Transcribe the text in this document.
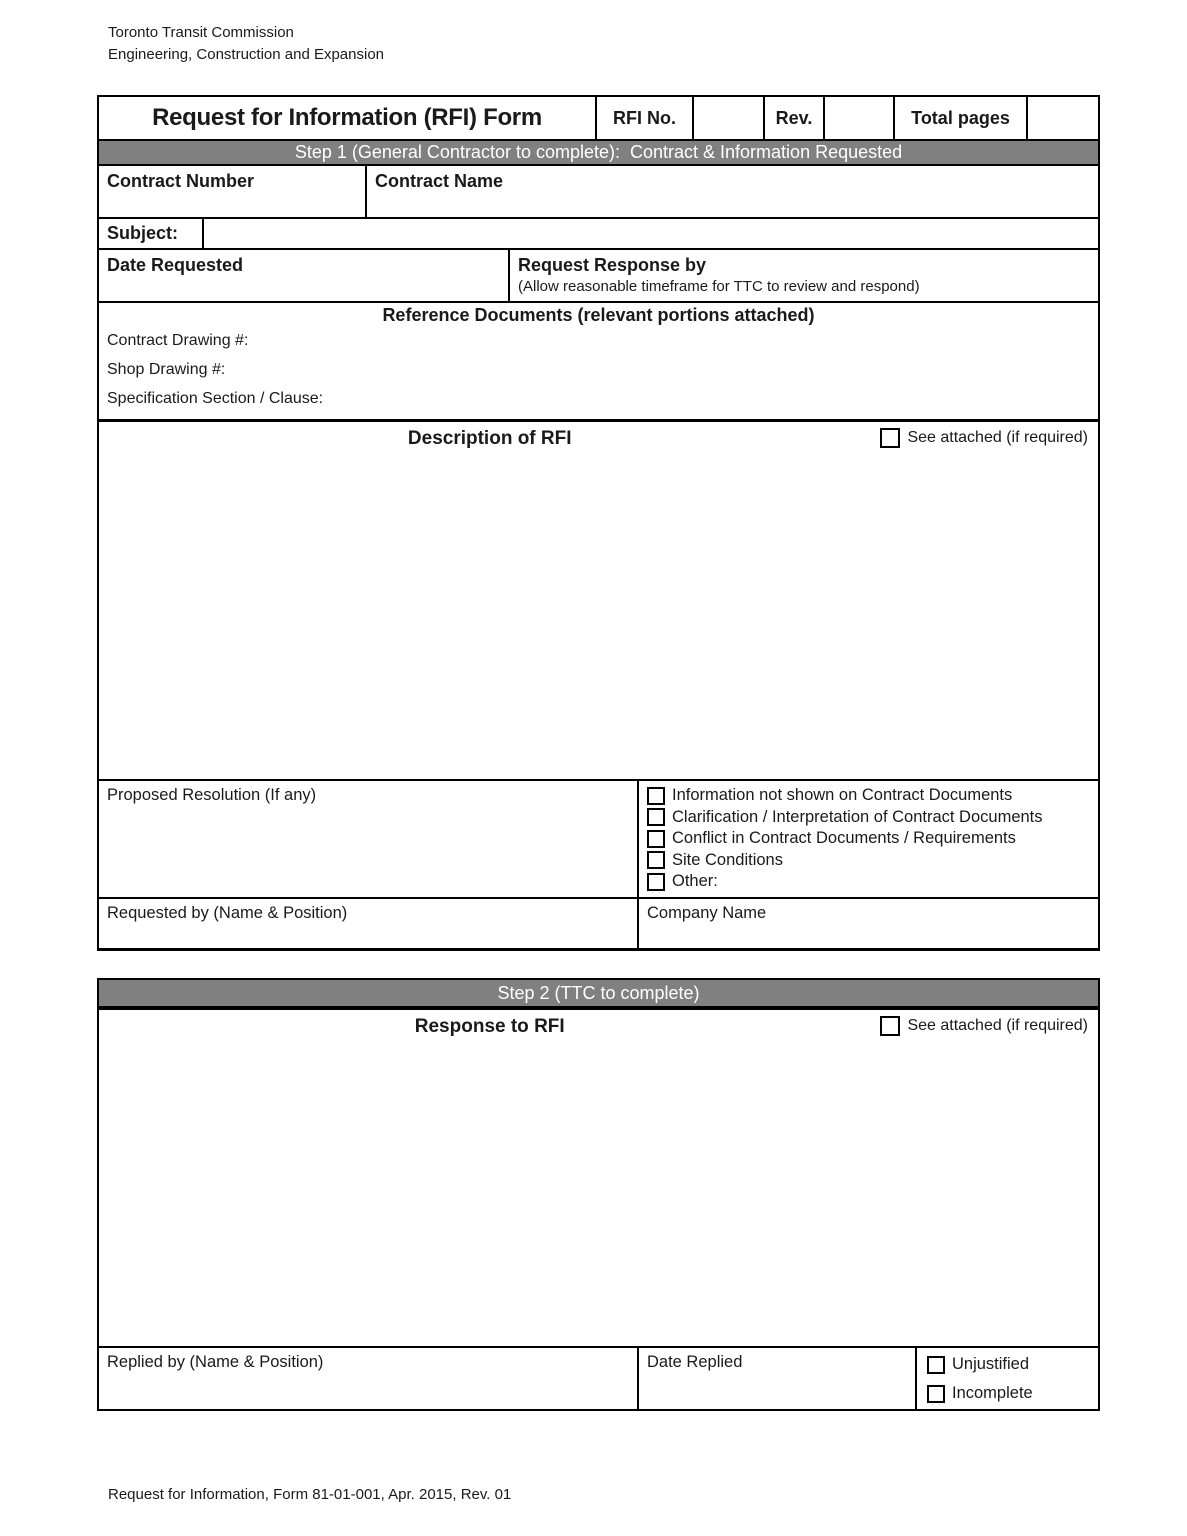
Toronto Transit Commission
Engineering, Construction and Expansion
Request for Information (RFI) Form	RFI No.	Rev.	Total pages
Step 1 (General Contractor to complete):  Contract & Information Requested
Contract Number	Contract Name
Subject:
Date Requested	Request Response by
(Allow reasonable timeframe for TTC to review and respond)
Reference Documents (relevant portions attached)
Contract Drawing #:
Shop Drawing #:
Specification Section / Clause:
Description of RFI	See attached (if required)
Proposed Resolution (If any)	Information not shown on Contract Documents
Clarification / Interpretation of Contract Documents
Conflict in Contract Documents / Requirements
Site Conditions
Other:
Requested by (Name & Position)	Company Name
Step 2 (TTC to complete)
Response to RFI	See attached (if required)
Replied by (Name & Position)	Date Replied	Unjustified
Incomplete
Request for Information, Form 81-01-001, Apr. 2015, Rev. 01
